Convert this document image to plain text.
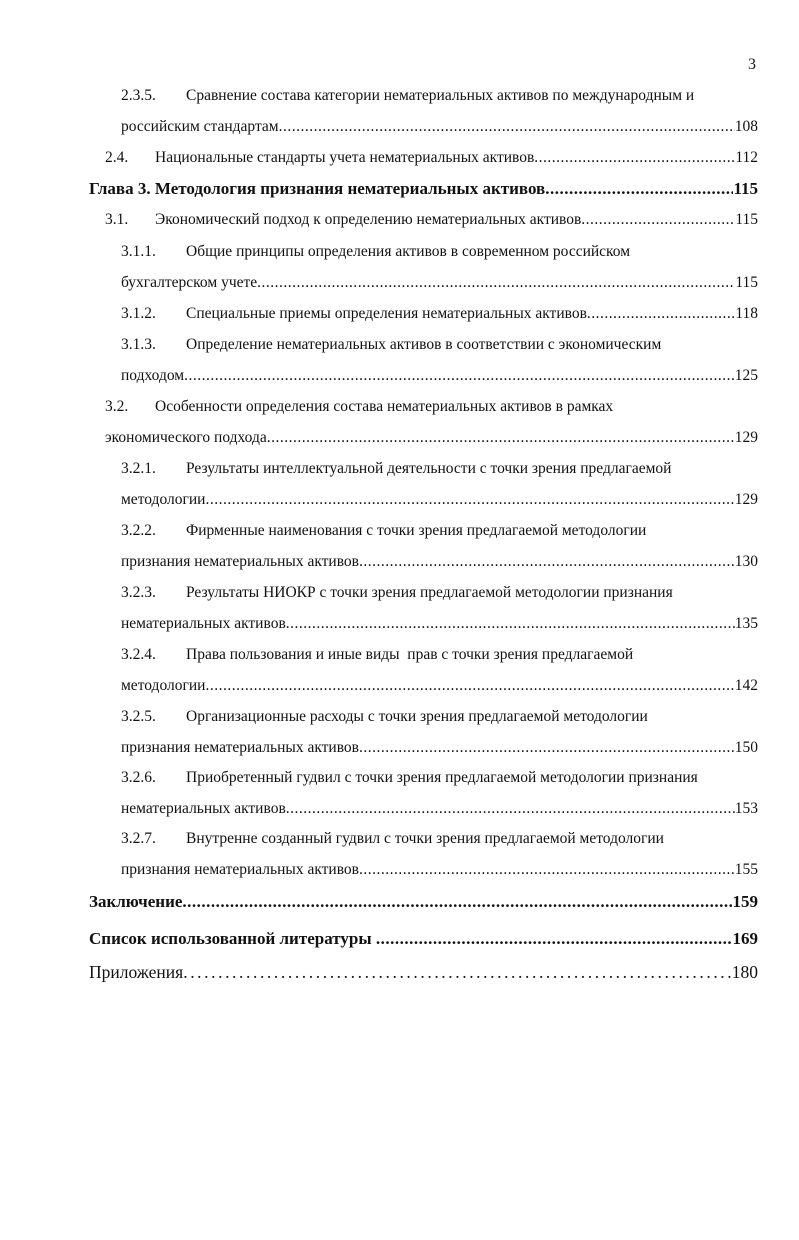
3
2.3.5. Сравнение состава категории нематериальных активов по международным и
российским стандартам .....	108
2.4. Национальные стандарты учета нематериальных активов .....	112
Глава 3. Методология признания нематериальных активов .....	115
3.1. Экономический подход к определению нематериальных активов .....	115
3.1.1. Общие принципы определения активов в современном российском
бухгалтерском учете .....	115
3.1.2. Специальные приемы определения нематериальных активов .....	118
3.1.3. Определение нематериальных активов в соответствии с экономическим
подходом .....	125
3.2. Особенности определения состава нематериальных активов в рамках
экономического подхода .....	129
3.2.1. Результаты интеллектуальной деятельности с точки зрения предлагаемой
методологии .....	129
3.2.2. Фирменные наименования с точки зрения предлагаемой методологии
признания нематериальных активов .....	130
3.2.3. Результаты НИОКР с точки зрения предлагаемой методологии признания
нематериальных активов .....	135
3.2.4. Права пользования и иные виды  прав с точки зрения предлагаемой
методологии .....	142
3.2.5. Организационные расходы с точки зрения предлагаемой методологии
признания нематериальных активов .....	150
3.2.6. Приобретенный гудвил с точки зрения предлагаемой методологии признания
нематериальных активов .....	153
3.2.7. Внутренне созданный гудвил с точки зрения предлагаемой методологии
признания нематериальных активов .....	155
Заключение .....	159
Список использованной литературы .....	169
Приложения .....	180
